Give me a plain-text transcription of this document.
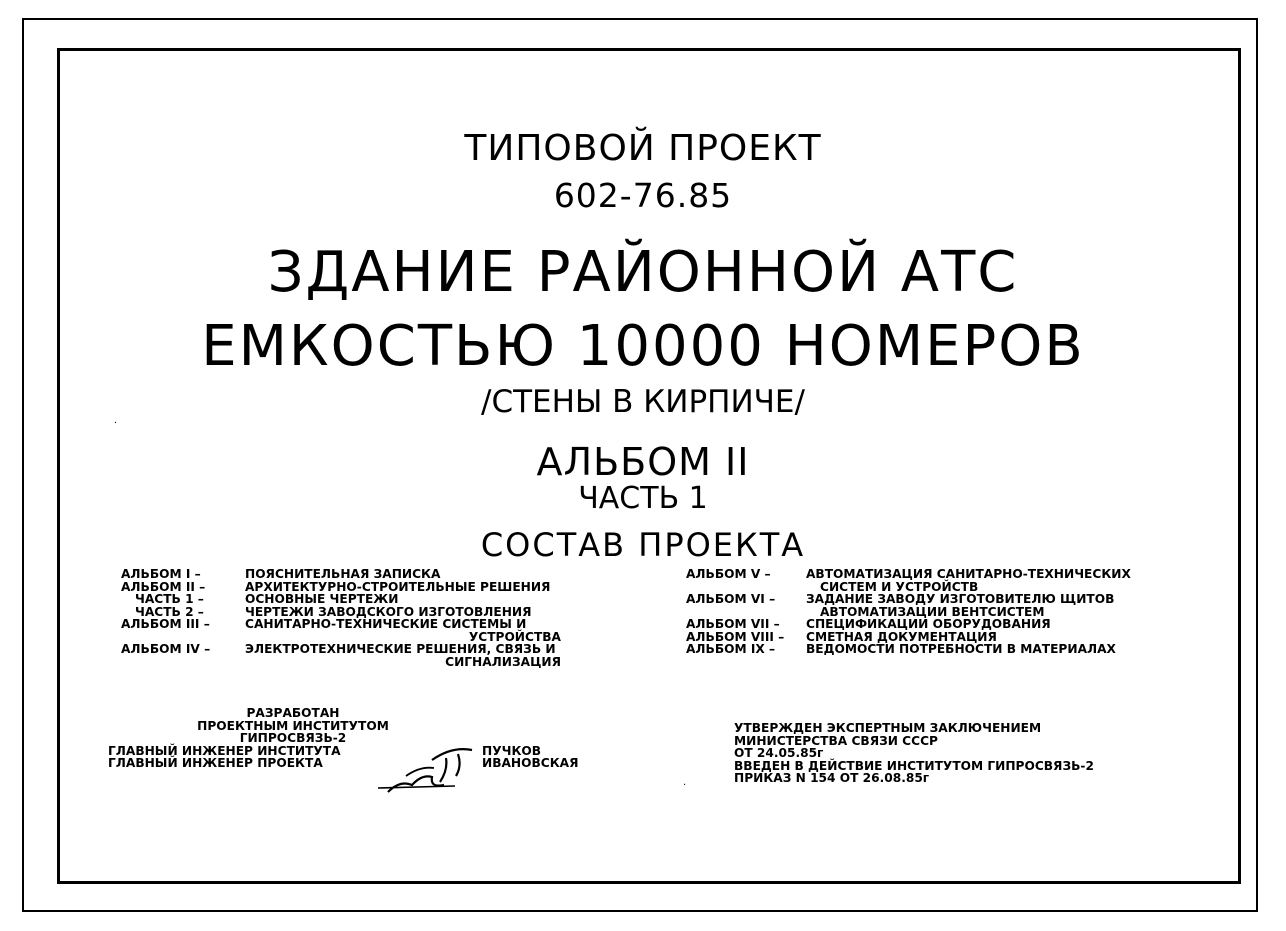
ТИПОВОЙ ПРОЕКТ
602-76.85
ЗДАНИЕ РАЙОННОЙ АТС
ЕМКОСТЬЮ 10000 НОМЕРОВ
/СТЕНЫ В КИРПИЧЕ/
АЛЬБОМ II
ЧАСТЬ 1
СОСТАВ ПРОЕКТА
АЛЬБОМ I –	ПОЯСНИТЕЛЬНАЯ ЗАПИСКА
АЛЬБОМ II –	АРХИТЕКТУРНО-СТРОИТЕЛЬНЫЕ РЕШЕНИЯ
ЧАСТЬ 1 –	ОСНОВНЫЕ ЧЕРТЕЖИ
ЧАСТЬ 2 –	ЧЕРТЕЖИ ЗАВОДСКОГО ИЗГОТОВЛЕНИЯ
АЛЬБОМ III –	САНИТАРНО-ТЕХНИЧЕСКИЕ СИСТЕМЫ И
УСТРОЙСТВА
АЛЬБОМ IV –	ЭЛЕКТРОТЕХНИЧЕСКИЕ РЕШЕНИЯ, СВЯЗЬ И
СИГНАЛИЗАЦИЯ
АЛЬБОМ V –	АВТОМАТИЗАЦИЯ САНИТАРНО-ТЕХНИЧЕСКИХ
СИСТЕМ И УСТРОЙСТВ
АЛЬБОМ VI –	ЗАДАНИЕ ЗАВОДУ ИЗГОТОВИТЕЛЮ ЩИТОВ
АВТОМАТИЗАЦИИ ВЕНТСИСТЕМ
АЛЬБОМ VII –	СПЕЦИФИКАЦИИ ОБОРУДОВАНИЯ
АЛЬБОМ VIII –	СМЕТНАЯ ДОКУМЕНТАЦИЯ
АЛЬБОМ IX –	ВЕДОМОСТИ ПОТРЕБНОСТИ В МАТЕРИАЛАХ
РАЗРАБОТАН
ПРОЕКТНЫМ ИНСТИТУТОМ
ГИПРОСВЯЗЬ-2
ГЛАВНЫЙ ИНЖЕНЕР ИНСТИТУТА	ПУЧКОВ
ГЛАВНЫЙ ИНЖЕНЕР ПРОЕКТА	ИВАНОВСКАЯ
УТВЕРЖДЕН ЭКСПЕРТНЫМ ЗАКЛЮЧЕНИЕМ
МИНИСТЕРСТВА СВЯЗИ СССР
ОТ 24.05.85г
ВВЕДЕН В ДЕЙСТВИЕ ИНСТИТУТОМ ГИПРОСВЯЗЬ-2
ПРИКАЗ N 154 ОТ 26.08.85г
·
·
